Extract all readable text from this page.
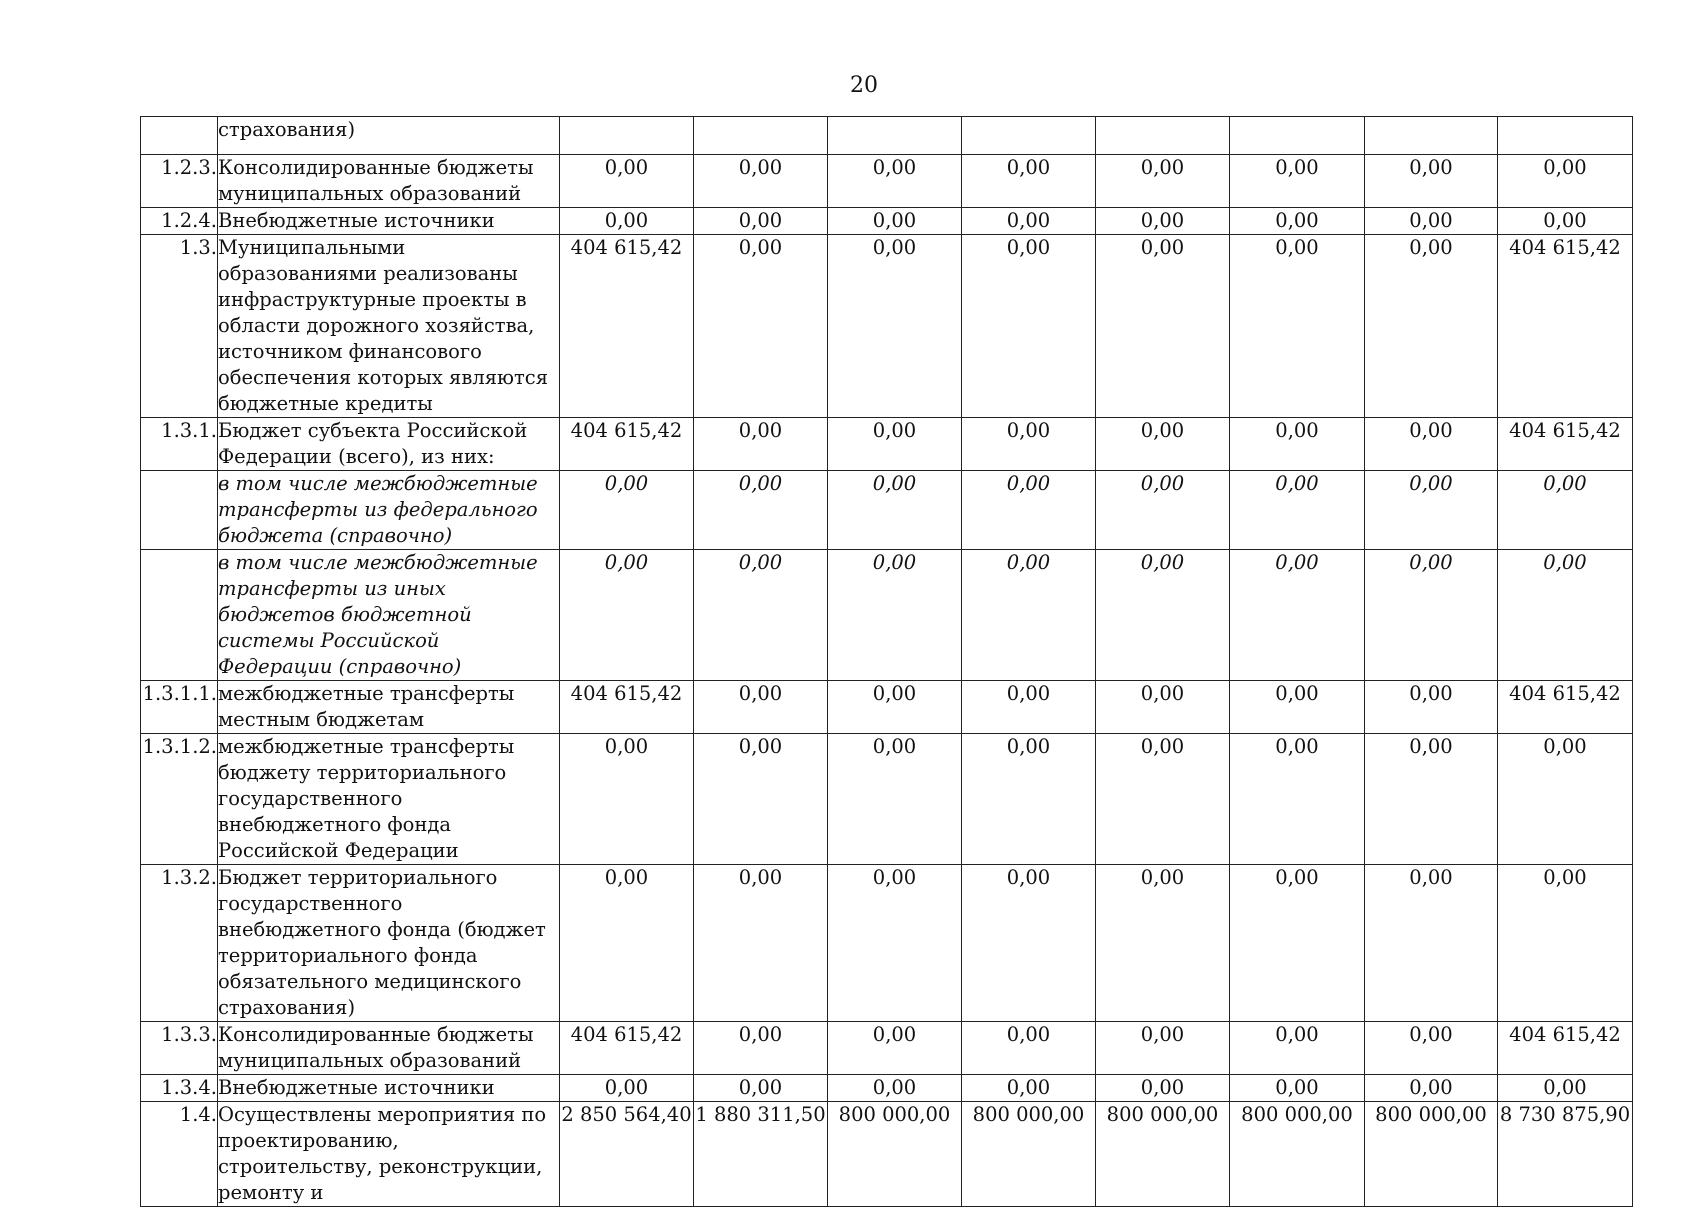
20
	страхования)								
1.2.3.	Консолидированные бюджеты муниципальных образований	0,00	0,00	0,00	0,00	0,00	0,00	0,00	0,00
1.2.4.	Внебюджетные источники	0,00	0,00	0,00	0,00	0,00	0,00	0,00	0,00
1.3.	Муниципальными образованиями реализованы инфраструктурные проекты в области дорожного хозяйства, источником финансового обеспечения которых являются бюджетные кредиты	404 615,42	0,00	0,00	0,00	0,00	0,00	0,00	404 615,42
1.3.1.	Бюджет субъекта Российской Федерации (всего), из них:	404 615,42	0,00	0,00	0,00	0,00	0,00	0,00	404 615,42
	в том числе межбюджетные трансферты из федерального бюджета (справочно)	0,00	0,00	0,00	0,00	0,00	0,00	0,00	0,00
	в том числе межбюджетные трансферты из иных бюджетов бюджетной системы Российской Федерации (справочно)	0,00	0,00	0,00	0,00	0,00	0,00	0,00	0,00
1.3.1.1.	межбюджетные трансферты местным бюджетам	404 615,42	0,00	0,00	0,00	0,00	0,00	0,00	404 615,42
1.3.1.2.	межбюджетные трансферты бюджету территориального государственного внебюджетного фонда Российской Федерации	0,00	0,00	0,00	0,00	0,00	0,00	0,00	0,00
1.3.2.	Бюджет территориального государственного внебюджетного фонда (бюджет территориального фонда обязательного медицинского страхования)	0,00	0,00	0,00	0,00	0,00	0,00	0,00	0,00
1.3.3.	Консолидированные бюджеты муниципальных образований	404 615,42	0,00	0,00	0,00	0,00	0,00	0,00	404 615,42
1.3.4.	Внебюджетные источники	0,00	0,00	0,00	0,00	0,00	0,00	0,00	0,00
1.4.	Осуществлены мероприятия по проектированию, строительству, реконструкции, ремонту и	2 850 564,40	1 880 311,50	800 000,00	800 000,00	800 000,00	800 000,00	800 000,00	8 730 875,90
